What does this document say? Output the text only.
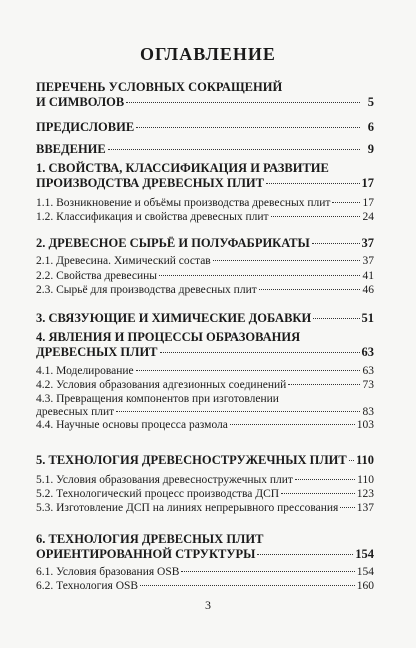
ОГЛАВЛЕНИЕ
ПЕРЕЧЕНЬ УСЛОВНЫХ СОКРАЩЕНИЙ
И СИМВОЛОВ	5
ПРЕДИСЛОВИЕ	6
ВВЕДЕНИЕ	9
1. СВОЙСТВА, КЛАССИФИКАЦИЯ И РАЗВИТИЕ
ПРОИЗВОДСТВА ДРЕВЕСНЫХ ПЛИТ	17
1.1. Возникновение и объёмы производства древесных плит	17
1.2. Классификация и свойства древесных плит	24
2. ДРЕВЕСНОЕ СЫРЬЁ И ПОЛУФАБРИКАТЫ	37
2.1. Древесина. Химический состав	37
2.2. Свойства древесины	41
2.3. Сырьё для производства древесных плит	46
3. СВЯЗУЮЩИЕ И ХИМИЧЕСКИЕ ДОБАВКИ	51
4. ЯВЛЕНИЯ И ПРОЦЕССЫ ОБРАЗОВАНИЯ
ДРЕВЕСНЫХ ПЛИТ	63
4.1. Моделирование	63
4.2. Условия образования адгезионных соединений	73
4.3. Превращения компонентов при изготовлении
древесных плит	83
4.4. Научные основы процесса размола	103
5. ТЕХНОЛОГИЯ ДРЕВЕСНОСТРУЖЕЧНЫХ ПЛИТ 110
5.1. Условия образования древесностружечных плит	110
5.2. Технологический процесс производства ДСП	123
5.3. Изготовление ДСП на линиях непрерывного прессования 137
6. ТЕХНОЛОГИЯ ДРЕВЕСНЫХ ПЛИТ
ОРИЕНТИРОВАННОЙ СТРУКТУРЫ	154
6.1. Условия бразования OSB	154
6.2. Технология OSB	160
3
